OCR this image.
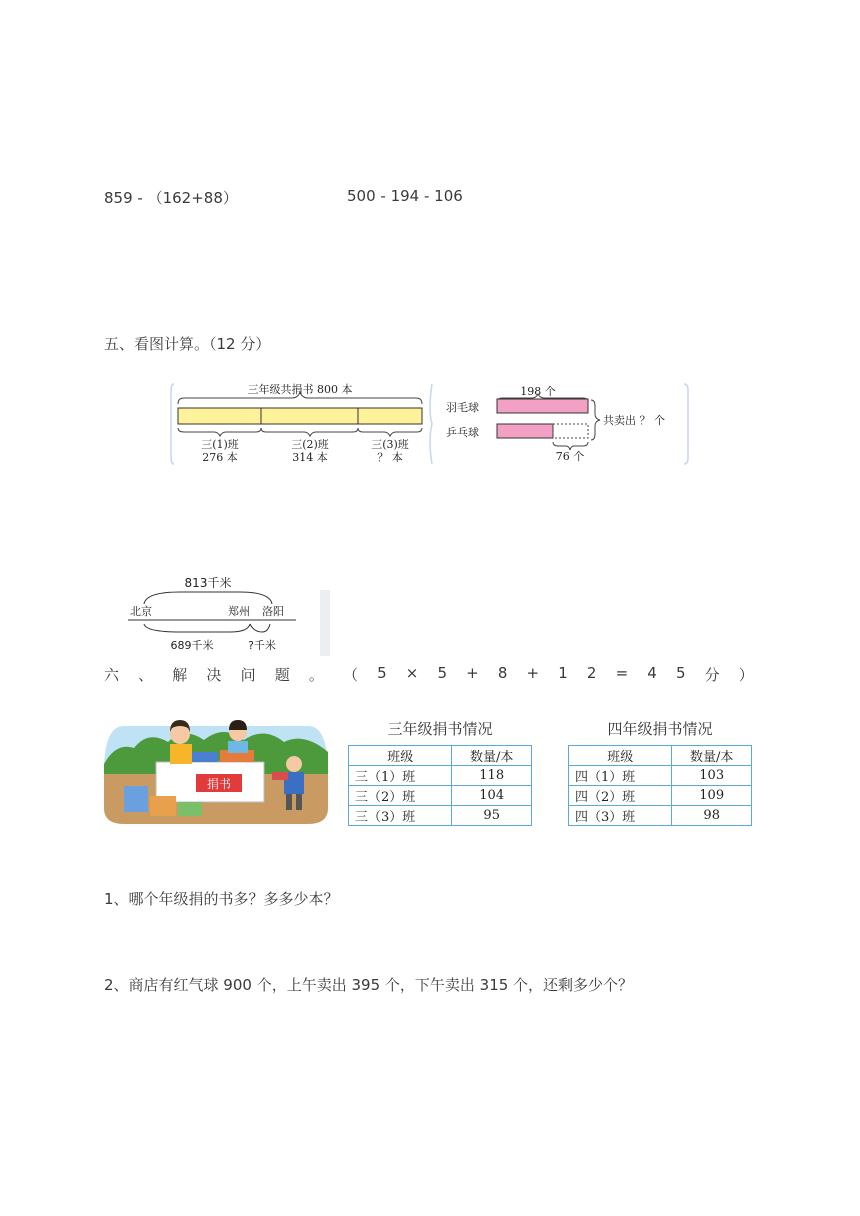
859 - （162+88）	500 - 194 - 106
五、看图计算。（12 分）
三年级共捐书 800 本
三(1)班
276 本
三(2)班
314 本
三(3)班
？ 本
198 个
羽毛球
乒乓球
76 个
共卖出 ？ 个
813千米
北京	郑州 洛阳
689千米	?千米
六 、 解 决 问 题 。 （ 5 × 5 + 8 + 1 2 = 4 5 分 ）
捐书
三年级捐书情况
班级	数量/本
三（1）班	118
三（2）班	104
三（3）班	95
四年级捐书情况
班级	数量/本
四（1）班	103
四（2）班	109
四（3）班	98
1、哪个年级捐的书多？多多少本？
2、商店有红气球 900 个，上午卖出 395 个，下午卖出 315 个，还剩多少个？
